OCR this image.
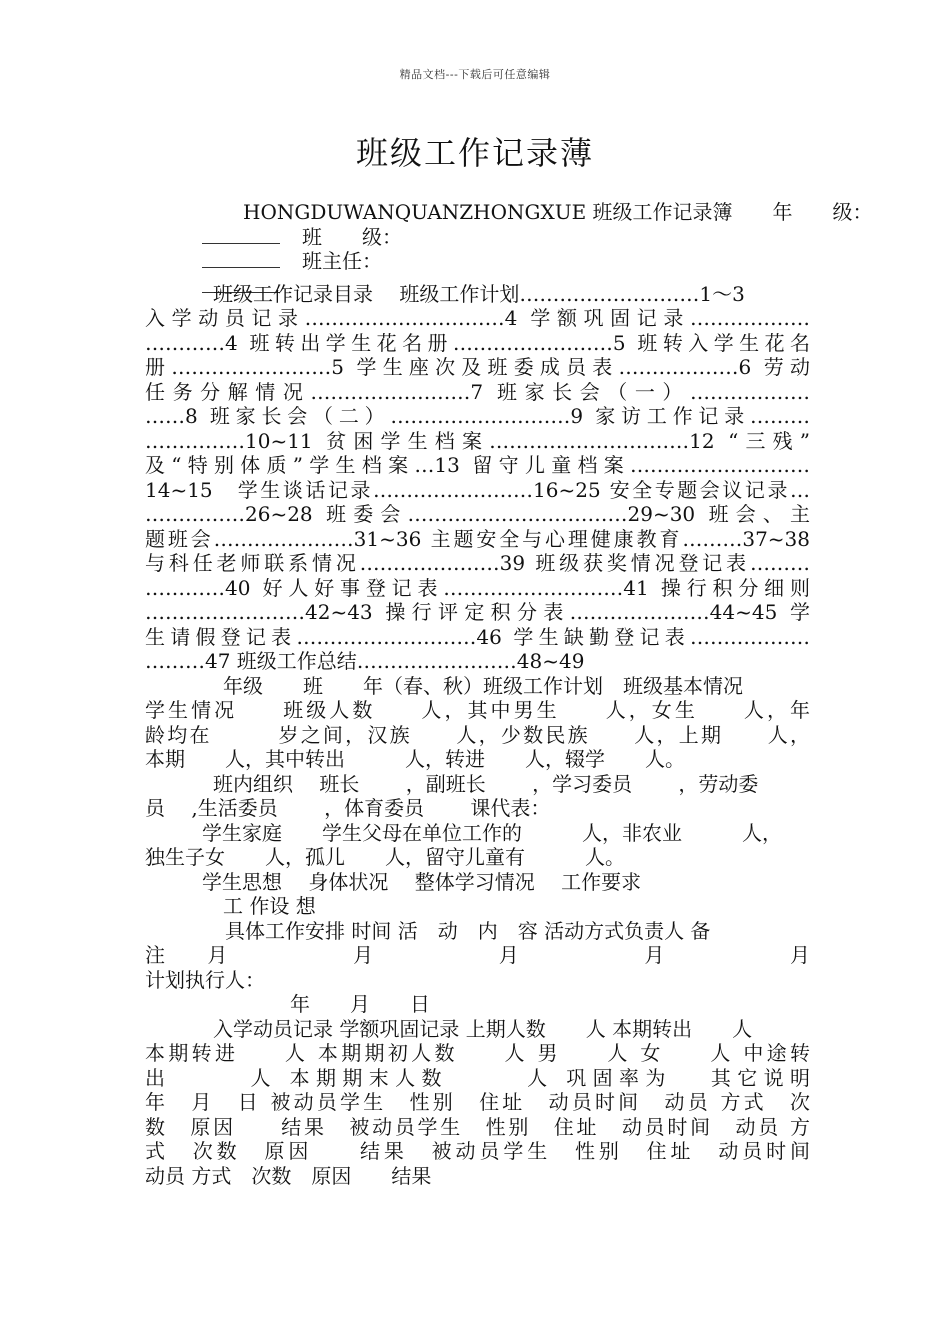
精品文档---下载后可任意编辑
班级工作记录薄
HONGDUWANQUANZHONGXUE 班级工作记录簿　　年　　级：
班　　级：
班主任：
班级工作记录目录　 班级工作计划………………………1～3
入学动员记录…………………………4 学额巩固记录………………
…………4 班转出学生花名册……………………5 班转入学生花名
册……………………5 学生座次及班委成员表………………6 劳动
任务分解情况……………………7 班家长会（一）………………
……8 班家长会（二）………………………9 家访工作记录………
……………10~11 贫困学生档案…………………………12 “三残”
及“特别体质”学生档案…13 留守儿童档案………………………
14~15　学生谈话记录……………………16~25 安全专题会议记录…
……………26~28 班委会……………………………29~30 班会、主
题班会…………………31~36 主题安全与心理健康教育………37~38
与科任老师联系情况…………………39 班级获奖情况登记表………
…………40 好人好事登记表………………………41 操行积分细则
……………………42~43 操行评定积分表…………………44~45 学
生请假登记表………………………46 学生缺勤登记表………………
………47 班级工作总结……………………48~49
年级　　班　　年（春、秋）班级工作计划　班级基本情况
学生情况　　班级人数　　人，其中男生　　人，女生　　人，年
龄均在　　　岁之间，汉族　　人，少数民族　　人，上期　　人，
本期　　人，其中转出　　　人，转进　　人，辍学　　人。
班内组织　 班长　　 ，副班长　　 ，学习委员　　 ，劳动委
员　 ,生活委员　　 ，体育委员　　 课代表：
学生家庭　　学生父母在单位工作的　　　人，非农业　　　人，
独生子女　　人，孤儿　　人，留守儿童有　　　人。
学生思想　 身体状况　 整体学习情况　 工作要求
工 作设 想
具体工作安排 时间 活　动　内　容 活动方式负责人 备
注　　月　　　　　　月　　　　　　月　　　　　　月　　　　　　月
计划执行人：
年　　月　　日
入学动员记录 学额巩固记录 上期人数　　人 本期转出　　人
本期转进　　人 本期期初人数　　人 男　　人 女　　人 中途转
出　　　人 本期期末人数　　　人 巩固率为　 其它说明
年　月　日 被动员学生　性别　住址　动员时间　动员 方式　次
数　原因　　结果　被动员学生　性别　住址　动员时间　动员 方
式　次数　原因　　结果　被动员学生　性别　住址　动员时间
动员 方式　次数　原因　　结果
